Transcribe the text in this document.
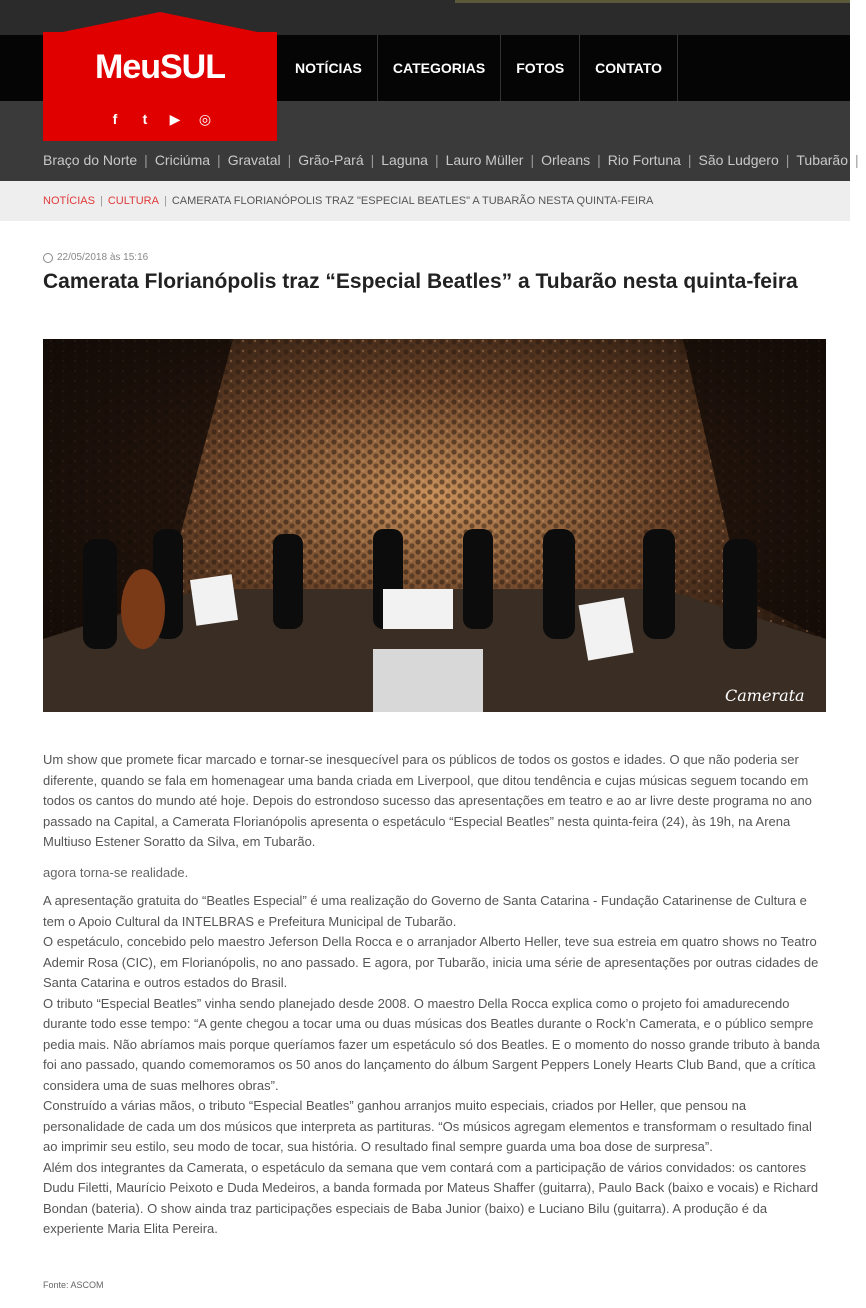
NOTÍCIAS	CATEGORIAS	FOTOS	CONTATO
MeuSUL
f	t	▶ ◎
Braço do Norte | Criciúma | Gravatal | Grão-Pará | Laguna | Lauro Müller | Orleans | Rio Fortuna | São Ludgero | Tubarão |
NOTÍCIAS | CULTURA | CAMERATA FLORIANÓPOLIS TRAZ "ESPECIAL BEATLES" A TUBARÃO NESTA QUINTA-FEIRA
22/05/2018 às 15:16
Camerata Florianópolis traz “Especial Beatles” a Tubarão nesta quinta-feira
Camerata

Um show que promete ficar marcado e tornar-se inesquecível para os públicos de todos os gostos e idades. O que não poderia ser diferente, quando se fala em homenagear uma banda criada em Liverpool, que ditou tendência e cujas músicas seguem tocando em todos os cantos do mundo até hoje. Depois do estrondoso sucesso das apresentações em teatro e ao ar livre deste programa no ano passado na Capital, a Camerata Florianópolis apresenta o espetáculo “Especial Beatles” nesta quinta-feira (24), às 19h, na Arena Multiuso Estener Soratto da Silva, em Tubarão.

agora torna-se realidade.

A apresentação gratuita do “Beatles Especial” é uma realização do Governo de Santa Catarina - Fundação Catarinense de Cultura e tem o Apoio Cultural da INTELBRAS e Prefeitura Municipal de Tubarão.

O espetáculo, concebido pelo maestro Jeferson Della Rocca e o arranjador Alberto Heller, teve sua estreia em quatro shows no Teatro Ademir Rosa (CIC), em Florianópolis, no ano passado. E agora, por Tubarão, inicia uma série de apresentações por outras cidades de Santa Catarina e outros estados do Brasil.

O tributo “Especial Beatles” vinha sendo planejado desde 2008. O maestro Della Rocca explica como o projeto foi amadurecendo durante todo esse tempo: “A gente chegou a tocar uma ou duas músicas dos Beatles durante o Rock’n Camerata, e o público sempre pedia mais. Não abríamos mais porque queríamos fazer um espetáculo só dos Beatles. E o momento do nosso grande tributo à banda foi ano passado, quando comemoramos os 50 anos do lançamento do álbum Sargent Peppers Lonely Hearts Club Band, que a crítica considera uma de suas melhores obras”.

Construído a várias mãos, o tributo “Especial Beatles” ganhou arranjos muito especiais, criados por Heller, que pensou na personalidade de cada um dos músicos que interpreta as partituras. “Os músicos agregam elementos e transformam o resultado final ao imprimir seu estilo, seu modo de tocar, sua história. O resultado final sempre guarda uma boa dose de surpresa”.

Além dos integrantes da Camerata, o espetáculo da semana que vem contará com a participação de vários convidados: os cantores Dudu Filetti, Maurício Peixoto e Duda Medeiros, a banda formada por Mateus Shaffer (guitarra), Paulo Back (baixo e vocais) e Richard Bondan (bateria). O show ainda traz participações especiais de Baba Junior (baixo) e Luciano Bilu (guitarra). A produção é da experiente Maria Elita Pereira.

Fonte: ASCOM
